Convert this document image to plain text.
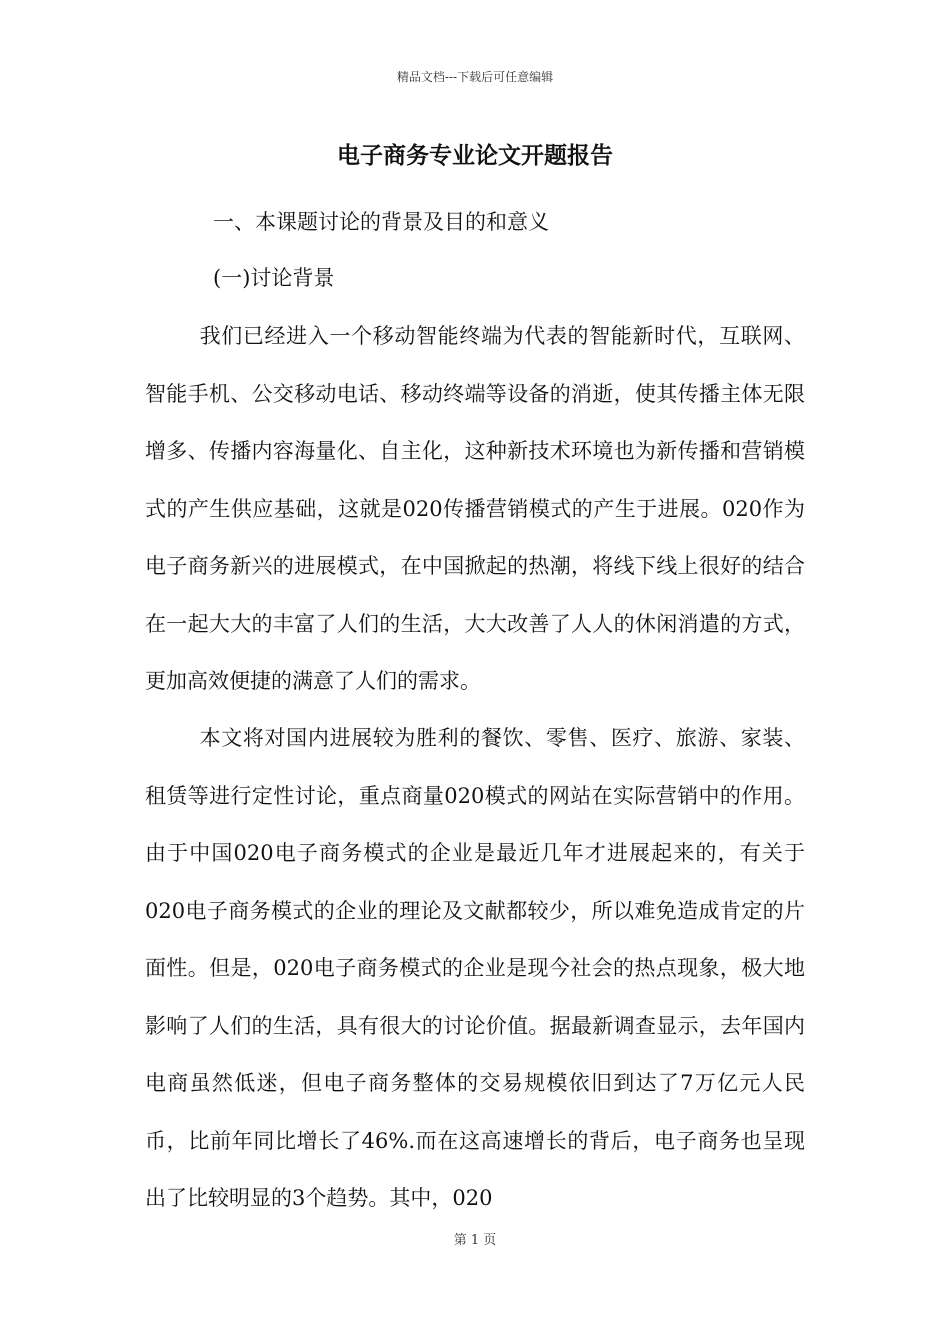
精品文档---下载后可任意编辑
电子商务专业论文开题报告
一、本课题讨论的背景及目的和意义
(一)讨论背景

我们已经进入一个移动智能终端为代表的智能新时代，互联网、智能手机、公交移动电话、移动终端等设备的消逝，使其传播主体无限增多、传播内容海量化、自主化，这种新技术环境也为新传播和营销模式的产生供应基础，这就是020传播营销模式的产生于进展。020作为电子商务新兴的进展模式，在中国掀起的热潮，将线下线上很好的结合在一起大大的丰富了人们的生活，大大改善了人人的休闲消遣的方式，更加高效便捷的满意了人们的需求。

本文将对国内进展较为胜利的餐饮、零售、医疗、旅游、家装、租赁等进行定性讨论，重点商量020模式的网站在实际营销中的作用。由于中国020电子商务模式的企业是最近几年才进展起来的，有关于020电子商务模式的企业的理论及文献都较少，所以难免造成肯定的片面性。但是，020电子商务模式的企业是现今社会的热点现象，极大地影响了人们的生活，具有很大的讨论价值。据最新调查显示，去年国内电商虽然低迷，但电子商务整体的交易规模依旧到达了7万亿元人民币，比前年同比增长了46%.而在这高速增长的背后，电子商务也呈现出了比较明显的3个趋势。其中，020

第 1 页
